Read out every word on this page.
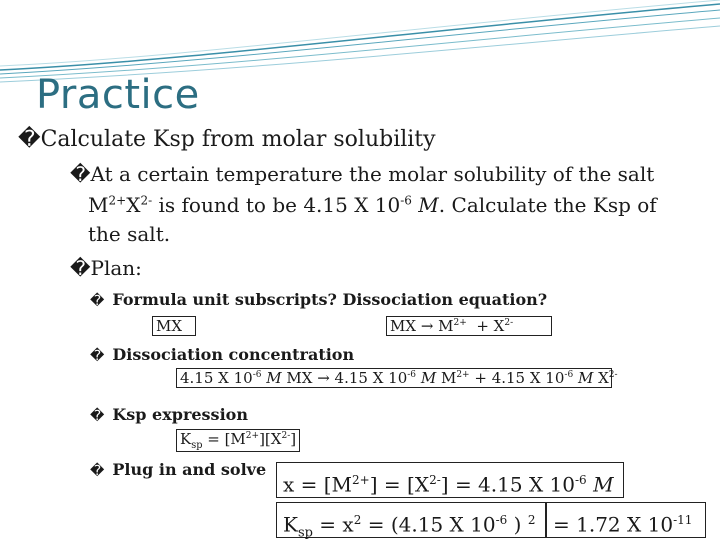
Practice
�Calculate Ksp from molar solubility
�At a certain temperature the molar solubility of the salt
$M^{2+}X^{2-}$ is found to be 4.15 X $10^{-6}$ M. Calculate the Ksp of
the salt.
�Plan:
� Formula unit subscripts? Dissociation equation?
MX	MX → $M^{2+} + X^{2-}$
� Dissociation concentration
4.15 X $10^{-6}$ M MX → 4.15 X $10^{-6}$ M $M^{2+} + 4.15$ X $10^{-6}$ M $X^{2-}$
� Ksp expression
$K_{sp} = [M^{2+}][X^{2-}]$
� Plug in and solve
$x = [M^{2+}] = [X^{2-}] = 4.15$ X $10^{-6}$ M
$K_{sp} = x^2 = (4.15$ X $10^{-6}$ ) $^2$ = 1.72 X $10^{-11}$
